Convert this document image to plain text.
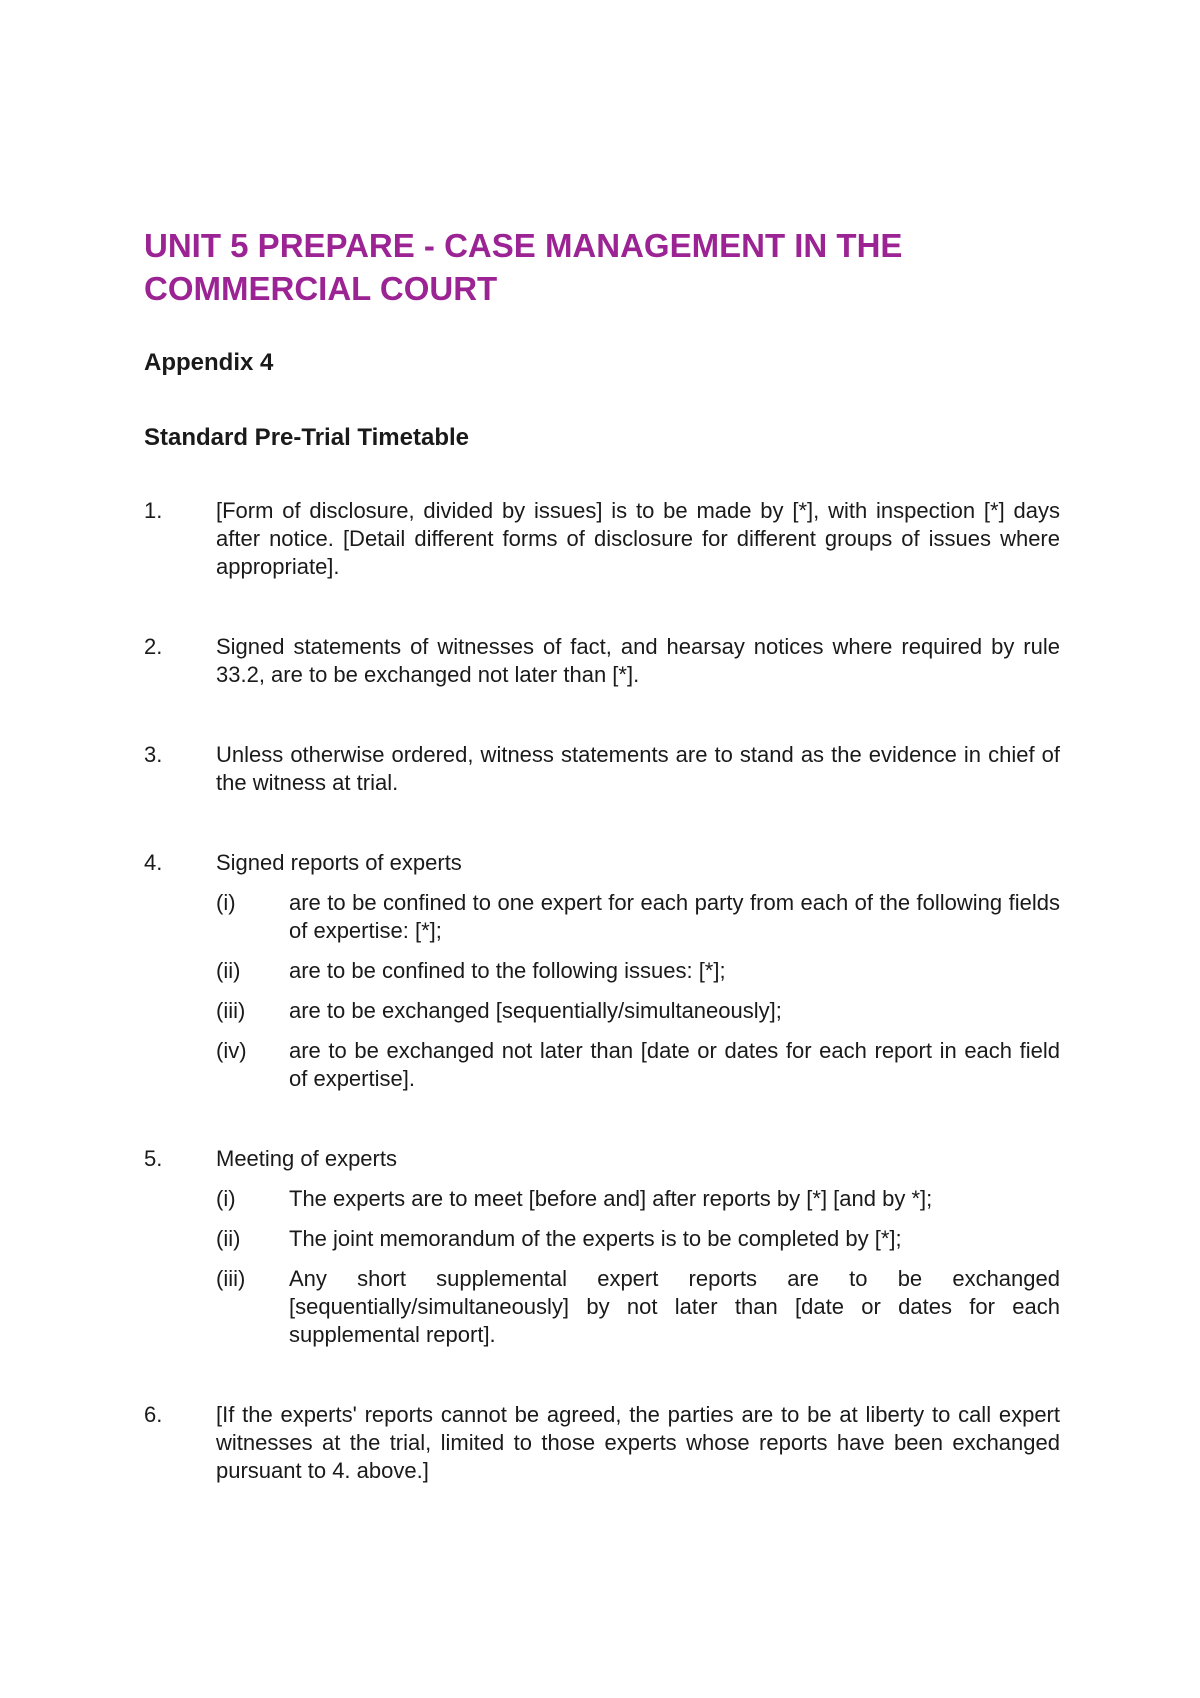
UNIT 5 PREPARE - CASE MANAGEMENT IN THE COMMERCIAL COURT
Appendix 4
Standard Pre-Trial Timetable
1.	[Form of disclosure, divided by issues] is to be made by [*], with inspection [*] days after notice. [Detail different forms of disclosure for different groups of issues where appropriate].
2.	Signed statements of witnesses of fact, and hearsay notices where required by rule 33.2, are to be exchanged not later than [*].
3.	Unless otherwise ordered, witness statements are to stand as the evidence in chief of the witness at trial.
4.	Signed reports of experts
(i)	are to be confined to one expert for each party from each of the following fields of expertise: [*];
(ii)	are to be confined to the following issues: [*];
(iii)	are to be exchanged [sequentially/simultaneously];
(iv)	are to be exchanged not later than [date or dates for each report in each field of expertise].
5.	Meeting of experts
(i)	The experts are to meet [before and] after reports by [*] [and by *];
(ii)	The joint memorandum of the experts is to be completed by [*];
(iii)	Any short supplemental expert reports are to be exchanged [sequentially/simultaneously] by not later than [date or dates for each supplemental report].
6.	[If the experts' reports cannot be agreed, the parties are to be at liberty to call expert witnesses at the trial, limited to those experts whose reports have been exchanged pursuant to 4. above.]
